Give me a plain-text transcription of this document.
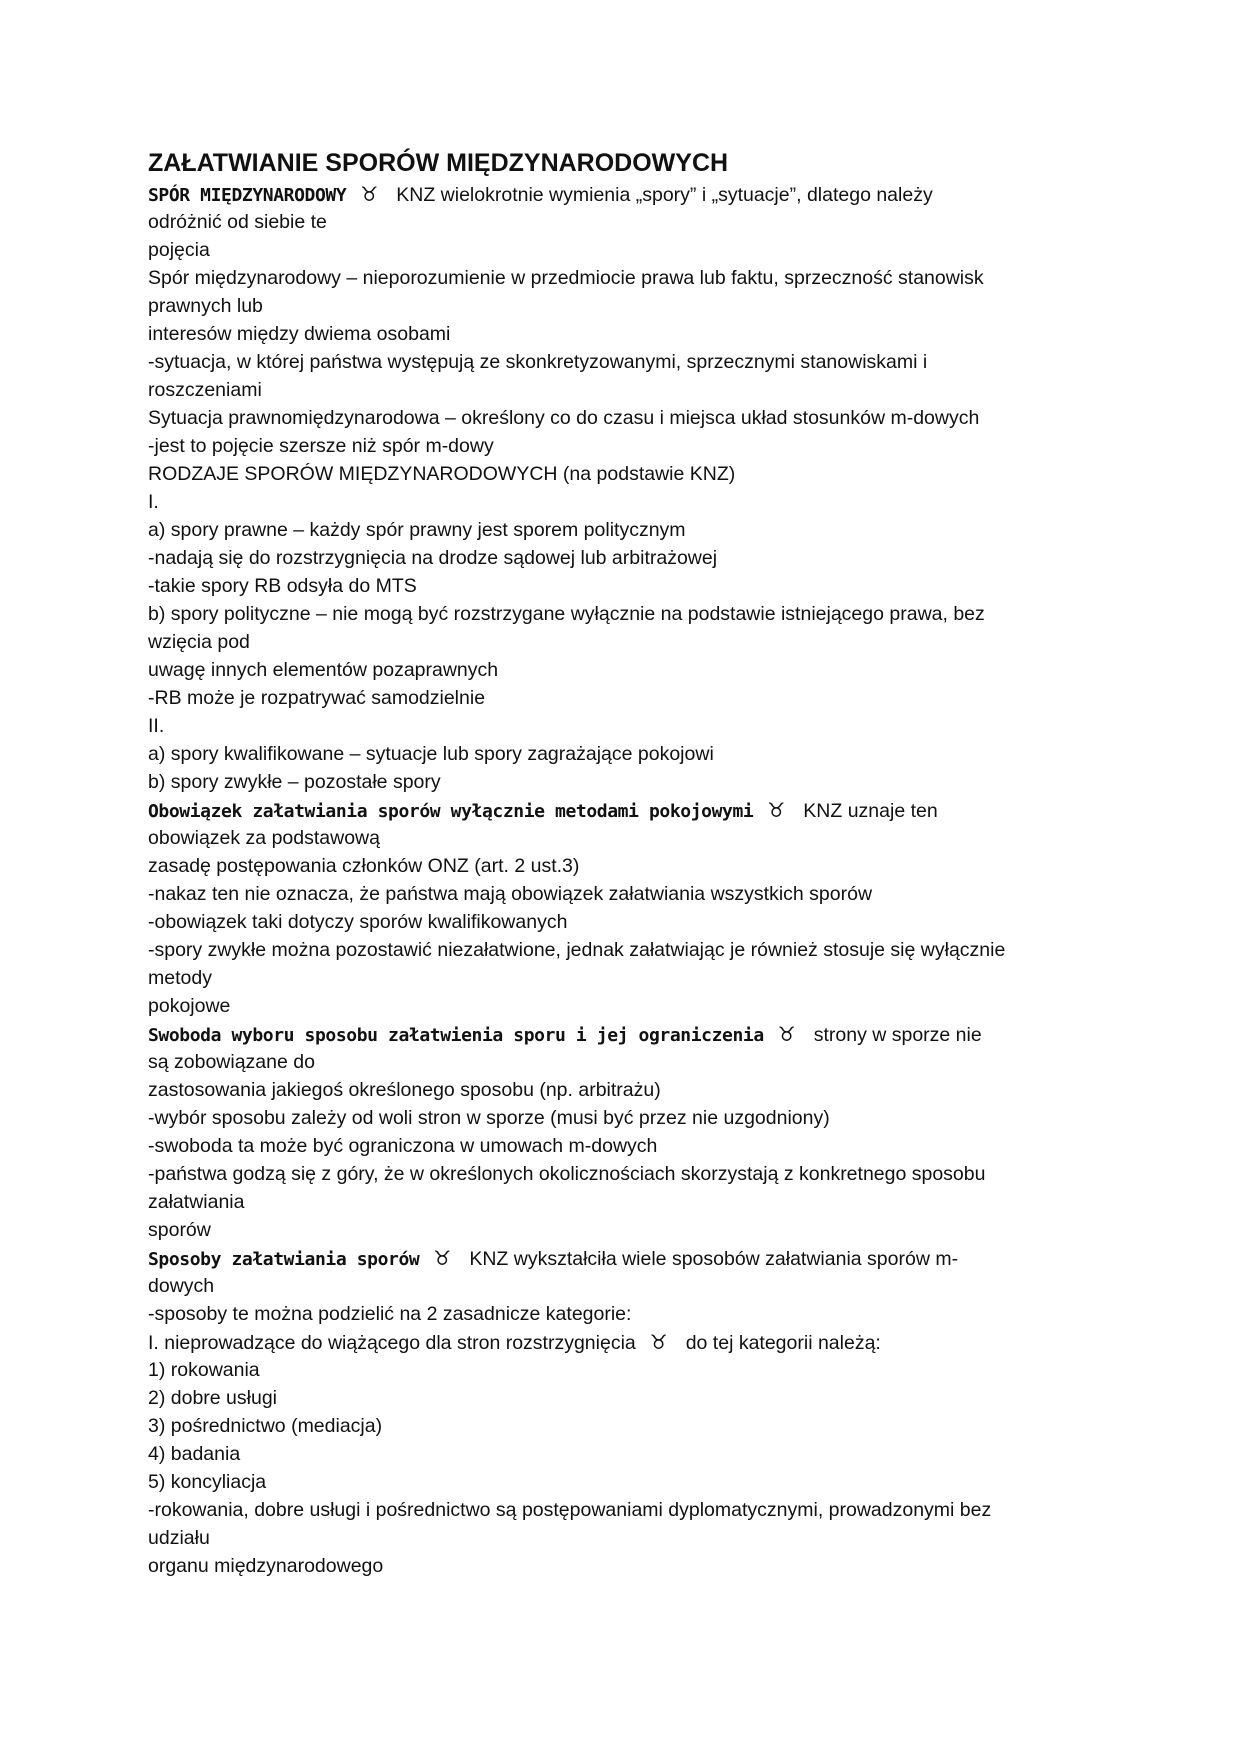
ZAŁATWIANIE SPORÓW MIĘDZYNARODOWYCH
SPÓR MIĘDZYNARODOWY ♉ KNZ wielokrotnie wymienia „spory” i „sytuacje”, dlatego należy
odróżnić od siebie te
pojęcia
Spór międzynarodowy – nieporozumienie w przedmiocie prawa lub faktu, sprzeczność stanowisk
prawnych lub
interesów między dwiema osobami
-sytuacja, w której państwa występują ze skonkretyzowanymi, sprzecznymi stanowiskami i
roszczeniami
Sytuacja prawnomiędzynarodowa – określony co do czasu i miejsca układ stosunków m-dowych
-jest to pojęcie szersze niż spór m-dowy
RODZAJE SPORÓW MIĘDZYNARODOWYCH (na podstawie KNZ)
I.
a) spory prawne – każdy spór prawny jest sporem politycznym
-nadają się do rozstrzygnięcia na drodze sądowej lub arbitrażowej
-takie spory RB odsyła do MTS
b) spory polityczne – nie mogą być rozstrzygane wyłącznie na podstawie istniejącego prawa, bez
wzięcia pod
uwagę innych elementów pozaprawnych
-RB może je rozpatrywać samodzielnie
II.
a) spory kwalifikowane – sytuacje lub spory zagrażające pokojowi
b) spory zwykłe – pozostałe spory
Obowiązek załatwiania sporów wyłącznie metodami pokojowymi ♉ KNZ uznaje ten
obowiązek za podstawową
zasadę postępowania członków ONZ (art. 2 ust.3)
-nakaz ten nie oznacza, że państwa mają obowiązek załatwiania wszystkich sporów
-obowiązek taki dotyczy sporów kwalifikowanych
-spory zwykłe można pozostawić niezałatwione, jednak załatwiając je również stosuje się wyłącznie
metody
pokojowe
Swoboda wyboru sposobu załatwienia sporu i jej ograniczenia ♉ strony w sporze nie
są zobowiązane do
zastosowania jakiegoś określonego sposobu (np. arbitrażu)
-wybór sposobu zależy od woli stron w sporze (musi być przez nie uzgodniony)
-swoboda ta może być ograniczona w umowach m-dowych
-państwa godzą się z góry, że w określonych okolicznościach skorzystają z konkretnego sposobu
załatwiania
sporów
Sposoby załatwiania sporów ♉ KNZ wykształciła wiele sposobów załatwiania sporów m-
dowych
-sposoby te można podzielić na 2 zasadnicze kategorie:
I. nieprowadzące do wiążącego dla stron rozstrzygnięcia ♉ do tej kategorii należą:
1) rokowania
2) dobre usługi
3) pośrednictwo (mediacja)
4) badania
5) koncyliacja
-rokowania, dobre usługi i pośrednictwo są postępowaniami dyplomatycznymi, prowadzonymi bez
udziału
organu międzynarodowego
